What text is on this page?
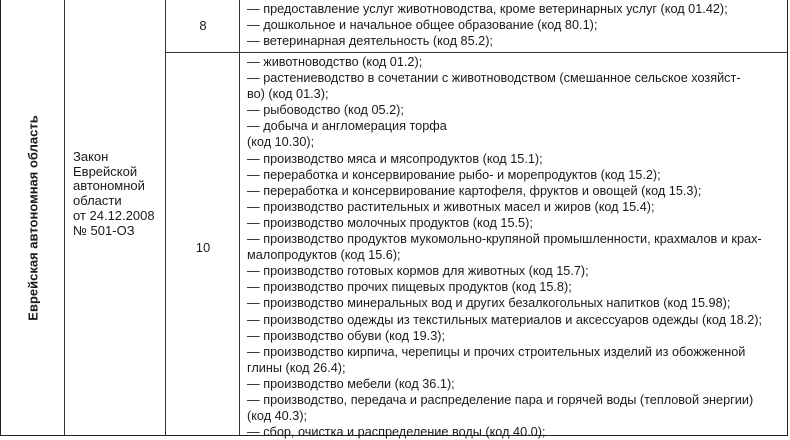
Еврейская автономная область	Закон
Еврейской
автономной
области
от 24.12.2008
№ 501-ОЗ
8
10
— предоставление услуг животноводства, кроме ветеринарных услуг (код 01.42);
— дошкольное и начальное общее образование (код 80.1);
— ветеринарная деятельность (код 85.2);
— животноводство (код 01.2);
— растениеводство в сочетании с животноводством (смешанное сельское хозяйст-
во) (код 01.3);
— рыбоводство (код 05.2);
— добыча и англомерация торфа
(код 10.30);
— производство мяса и мясопродуктов (код 15.1);
— переработка и консервирование рыбо- и морепродуктов (код 15.2);
— переработка и консервирование картофеля, фруктов и овощей (код 15.3);
— производство растительных и животных масел и жиров (код 15.4);
— производство молочных продуктов (код 15.5);
— производство продуктов мукомольно-крупяной промышленности, крахмалов и крах-
малопродуктов (код 15.6);
— производство готовых кормов для животных (код 15.7);
— производство прочих пищевых продуктов (код 15.8);
— производство минеральных вод и других безалкогольных напитков (код 15.98);
— производство одежды из текстильных материалов и аксессуаров одежды (код 18.2);
— производство обуви (код 19.3);
— производство кирпича, черепицы и прочих строительных изделий из обожженной
глины (код 26.4);
— производство мебели (код 36.1);
— производство, передача и распределение пара и горячей воды (тепловой энергии)
(код 40.3);
— сбор, очистка и распределение воды (код 40.0);
